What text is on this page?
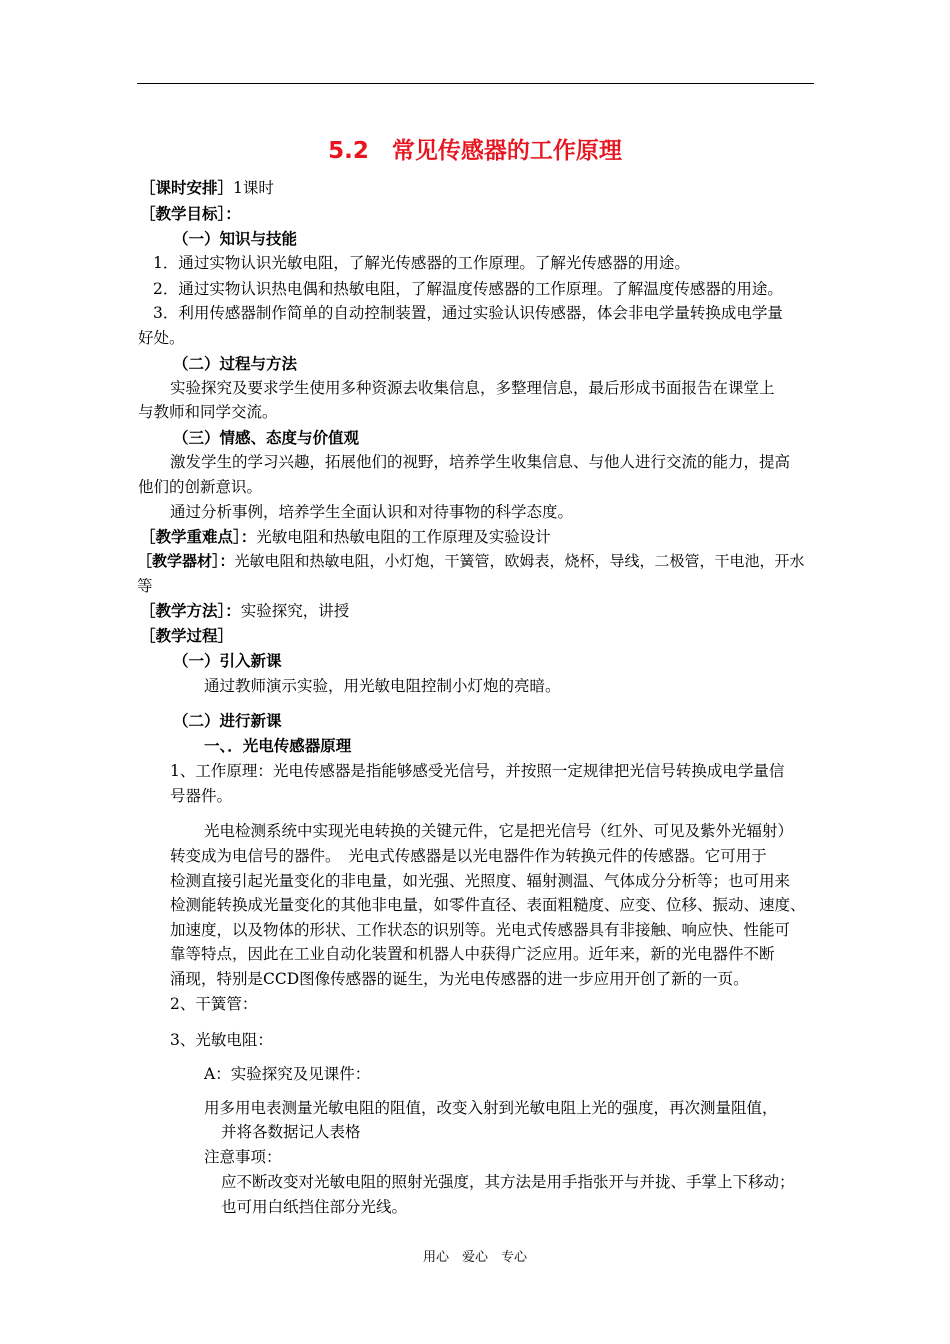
5.2　常见传感器的工作原理
［课时安排］1课时
［教学目标］：
（一）知识与技能
1．通过实物认识光敏电阻，了解光传感器的工作原理。了解光传感器的用途。
2．通过实物认识热电偶和热敏电阻，了解温度传感器的工作原理。了解温度传感器的用途。
3．利用传感器制作简单的自动控制装置，通过实验认识传感器，体会非电学量转换成电学量
好处。
（二）过程与方法
实验探究及要求学生使用多种资源去收集信息，多整理信息，最后形成书面报告在课堂上
与教师和同学交流。
（三）情感、态度与价值观
激发学生的学习兴趣，拓展他们的视野，培养学生收集信息、与他人进行交流的能力，提高
他们的创新意识。
通过分析事例，培养学生全面认识和对待事物的科学态度。
［教学重难点］：光敏电阻和热敏电阻的工作原理及实验设计
［教学器材］：光敏电阻和热敏电阻，小灯炮，干簧管，欧姆表，烧杯，导线，二极管，干电池，开水
等
［教学方法］：实验探究，讲授
［教学过程］
（一）引入新课
通过教师演示实验，用光敏电阻控制小灯炮的亮暗。
（二）进行新课
一、．光电传感器原理
1、工作原理：光电传感器是指能够感受光信号，并按照一定规律把光信号转换成电学量信
号器件。
光电检测系统中实现光电转换的关键元件，它是把光信号（红外、可见及紫外光辐射）
转变成为电信号的器件。　光电式传感器是以光电器件作为转换元件的传感器。它可用于
检测直接引起光量变化的非电量，如光强、光照度、辐射测温、气体成分分析等；也可用来
检测能转换成光量变化的其他非电量，如零件直径、表面粗糙度、应变、位移、振动、速度、
加速度，以及物体的形状、工作状态的识别等。光电式传感器具有非接触、响应快、性能可
靠等特点，因此在工业自动化装置和机器人中获得广泛应用。近年来，新的光电器件不断
涌现，特别是CCD图像传感器的诞生，为光电传感器的进一步应用开创了新的一页。
2、干簧管：
3、光敏电阻：
A：实验探究及见课件：
用多用电表测量光敏电阻的阻值，改变入射到光敏电阻上光的强度，再次测量阻值，
并将各数据记人表格
注意事项：
应不断改变对光敏电阻的照射光强度，其方法是用手指张开与并拢、手掌上下移动；
也可用白纸挡住部分光线。
用心　爱心　专心
